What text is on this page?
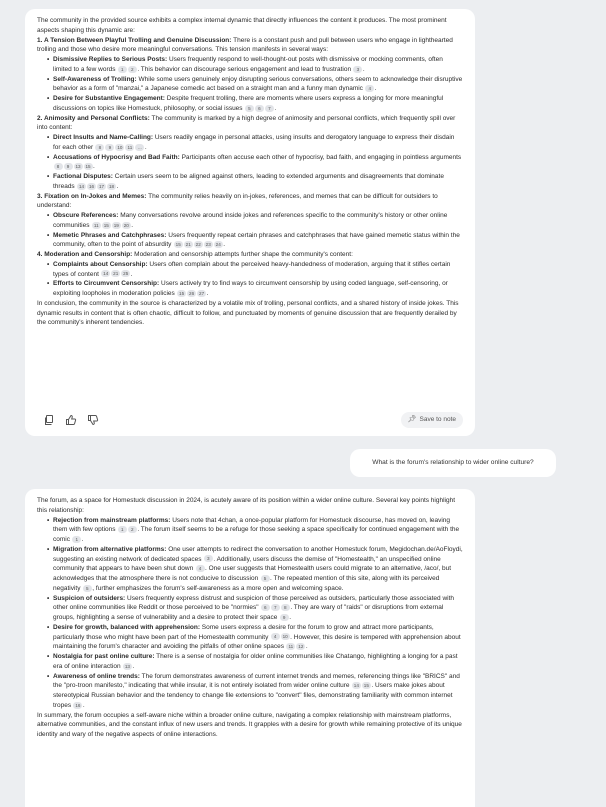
The community in the provided source exhibits a complex internal dynamic that directly influences the content it produces. The most prominent aspects shaping this dynamic are:

1. A Tension Between Playful Trolling and Genuine Discussion: There is a constant push and pull between users who engage in lighthearted trolling and those who desire more meaningful conversations. This tension manifests in several ways:

• Dismissive Replies to Serious Posts: Users frequently respond to well-thought-out posts with dismissive or mocking comments, often limited to a few words 1 2 . This behavior can discourage serious engagement and lead to frustration 3 .
• Self-Awareness of Trolling: While some users genuinely enjoy disrupting serious conversations, others seem to acknowledge their disruptive behavior as a form of "manzai," a Japanese comedic act based on a straight man and a funny man dynamic 4 .
• Desire for Substantive Engagement: Despite frequent trolling, there are moments where users express a longing for more meaningful discussions on topics like Homestuck, philosophy, or social issues 5 6 7 .

2. Animosity and Personal Conflicts: The community is marked by a high degree of animosity and personal conflicts, which frequently spill over into content:

• Direct Insults and Name-Calling: Users readily engage in personal attacks, using insults and derogatory language to express their disdain for each other 8 9 10 11 ... .
• Accusations of Hypocrisy and Bad Faith: Participants often accuse each other of hypocrisy, bad faith, and engaging in pointless arguments 8 9 13 15 .
• Factional Disputes: Certain users seem to be aligned against others, leading to extended arguments and disagreements that dominate threads 14 16 17 18 .

3. Fixation on In-Jokes and Memes: The community relies heavily on in-jokes, references, and memes that can be difficult for outsiders to understand:

• Obscure References: Many conversations revolve around inside jokes and references specific to the community's history or other online communities 11 15 19 20 .
• Memetic Phrases and Catchphrases: Users frequently repeat certain phrases and catchphrases that have gained memetic status within the community, often to the point of absurdity 15 21 22 23 24 .

4. Moderation and Censorship: Moderation and censorship attempts further shape the community's content:

• Complaints about Censorship: Users often complain about the perceived heavy-handedness of moderation, arguing that it stifles certain types of content 14 21 25 .
• Efforts to Circumvent Censorship: Users actively try to find ways to circumvent censorship by using coded language, self-censoring, or exploiting loopholes in moderation policies 15 26 27 .

In conclusion, the community in the source is characterized by a volatile mix of trolling, personal conflicts, and a shared history of inside jokes. This dynamic results in content that is often chaotic, difficult to follow, and punctuated by moments of genuine discussion that are frequently derailed by the community's inherent tendencies.

📌︎ Save to note
What is the forum's relationship to wider online culture?

The forum, as a space for Homestuck discussion in 2024, is acutely aware of its position within a wider online culture. Several key points highlight this relationship:

• Rejection from mainstream platforms: Users note that 4chan, a once-popular platform for Homestuck discourse, has moved on, leaving them with few options 1 2 . The forum itself seems to be a refuge for those seeking a space specifically for continued engagement with the comic 1 .
• Migration from alternative platforms: One user attempts to redirect the conversation to another Homestuck forum, Megidochan.de/AoFloydi, suggesting an existing network of dedicated spaces 3 . Additionally, users discuss the demise of "Homestealth," an unspecified online community that appears to have been shut down 4 . One user suggests that Homestealth users could migrate to an alternative, /aco/, but acknowledges that the atmosphere there is not conducive to discussion 5 . The repeated mention of this site, along with its perceived negativity 5 , further emphasizes the forum's self-awareness as a more open and welcoming space.
• Suspicion of outsiders: Users frequently express distrust and suspicion of those perceived as outsiders, particularly those associated with other online communities like Reddit or those perceived to be "normies" 6 7 8 . They are wary of "raids" or disruptions from external groups, highlighting a sense of vulnerability and a desire to protect their space 9 .
• Desire for growth, balanced with apprehension: Some users express a desire for the forum to grow and attract more participants, particularly those who might have been part of the Homestealth community 4 10 . However, this desire is tempered with apprehension about maintaining the forum's character and avoiding the pitfalls of other online spaces 11 12 .
• Nostalgia for past online culture: There is a sense of nostalgia for older online communities like Chatango, highlighting a longing for a past era of online interaction 13 .
• Awareness of online trends: The forum demonstrates awareness of current internet trends and memes, referencing things like "BRICS" and the "pro-troon manifesto," indicating that while insular, it is not entirely isolated from wider online culture 14 15 . Users make jokes about stereotypical Russian behavior and the tendency to change file extensions to "convert" files, demonstrating familiarity with common internet tropes 16 .

In summary, the forum occupies a self-aware niche within a broader online culture, navigating a complex relationship with mainstream platforms, alternative communities, and the constant influx of new users and trends. It grapples with a desire for growth while remaining protective of its unique identity and wary of the negative aspects of online interactions.
